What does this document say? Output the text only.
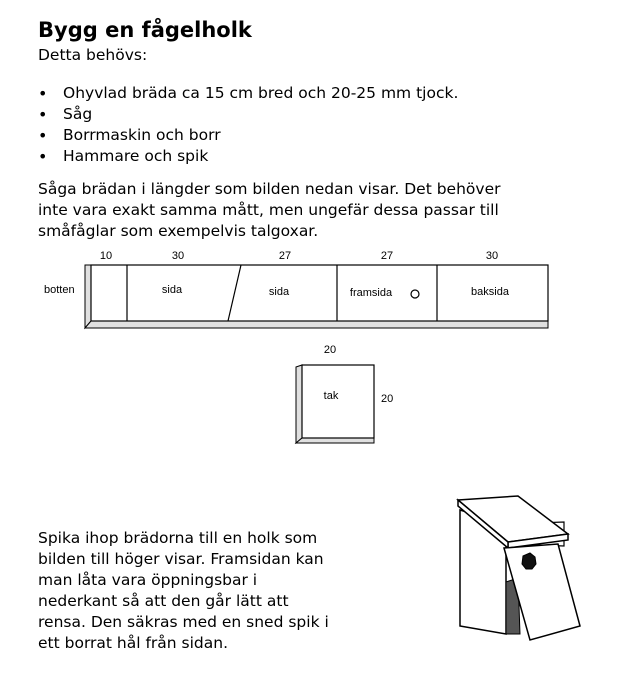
Bygg en fågelholk
Detta behövs:
• Ohyvlad bräda ca 15 cm bred och 20-25 mm tjock.
• Såg
• Borrmaskin och borr
• Hammare och spik
Såga brädan i längder som bilden nedan visar. Det behöver
inte vara exakt samma mått, men ungefär dessa passar till
småfåglar som exempelvis talgoxar.
10	30	27	27	30
botten	sida	sida	framsida	baksida
20
20
tak
Spika ihop brädorna till en holk som
bilden till höger visar. Framsidan kan
man låta vara öppningsbar i
nederkant så att den går lätt att
rensa. Den säkras med en sned spik i
ett borrat hål från sidan.
